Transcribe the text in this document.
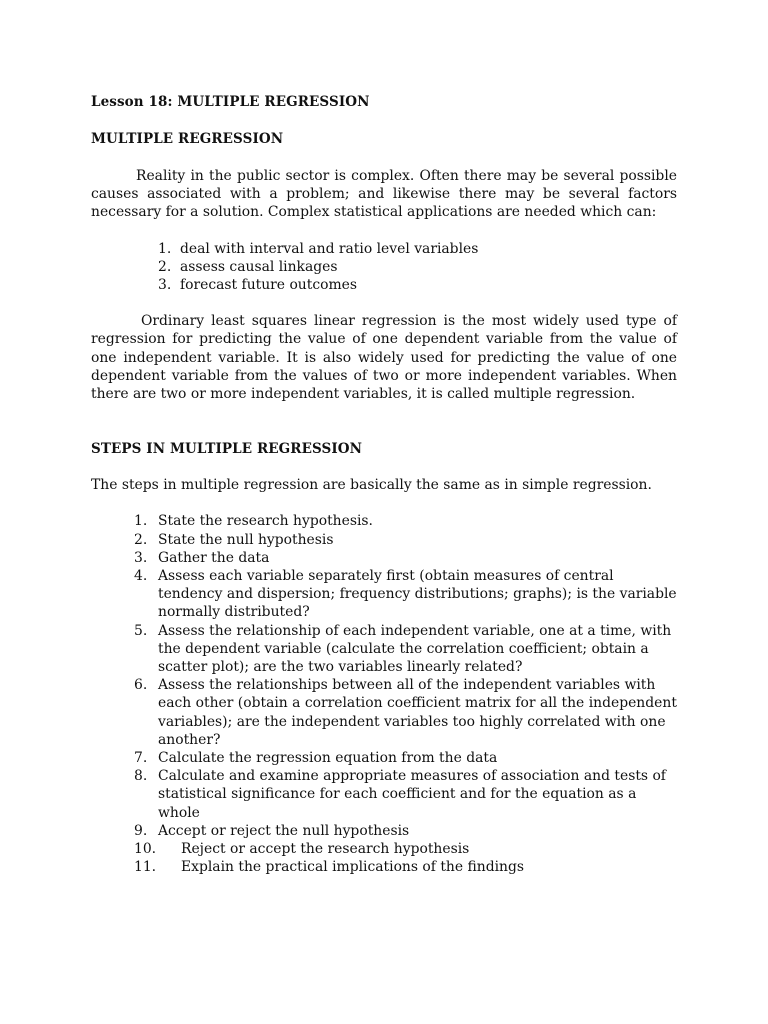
Lesson 18: MULTIPLE REGRESSION
MULTIPLE REGRESSION

Reality in the public sector is complex. Often there may be several possible causes associated with a problem; and likewise there may be several factors necessary for a solution. Complex statistical applications are needed which can:

1. deal with interval and ratio level variables
2. assess causal linkages
3. forecast future outcomes

Ordinary least squares linear regression is the most widely used type of regression for predicting the value of one dependent variable from the value of one independent variable. It is also widely used for predicting the value of one dependent variable from the values of two or more independent variables. When there are two or more independent variables, it is called multiple regression.

STEPS IN MULTIPLE REGRESSION

The steps in multiple regression are basically the same as in simple regression.

1. State the research hypothesis.
2. State the null hypothesis
3. Gather the data
4. Assess each variable separately first (obtain measures of central tendency and dispersion; frequency distributions; graphs); is the variable normally distributed?
5. Assess the relationship of each independent variable, one at a time, with the dependent variable (calculate the correlation coefficient; obtain a scatter plot); are the two variables linearly related?
6. Assess the relationships between all of the independent variables with each other (obtain a correlation coefficient matrix for all the independent variables); are the independent variables too highly correlated with one another?
7. Calculate the regression equation from the data
8. Calculate and examine appropriate measures of association and tests of statistical significance for each coefficient and for the equation as a whole
9. Accept or reject the null hypothesis
10. Reject or accept the research hypothesis
11. Explain the practical implications of the findings
